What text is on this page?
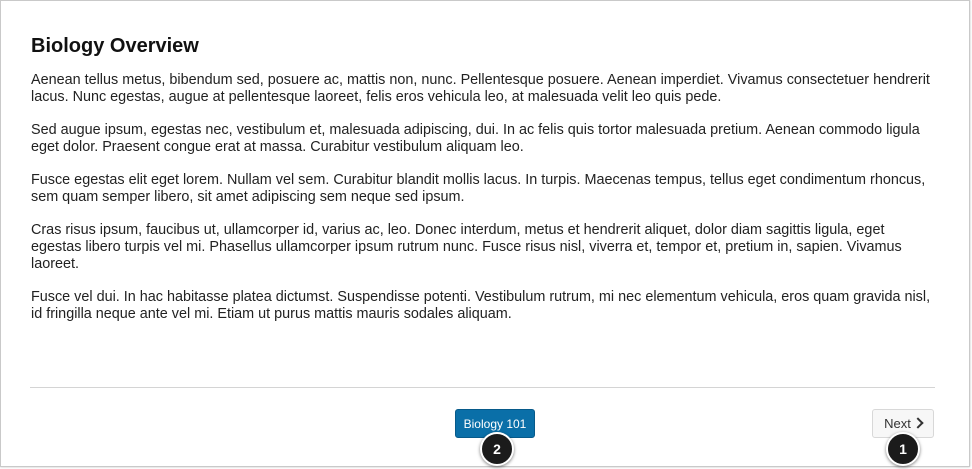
Biology Overview

Aenean tellus metus, bibendum sed, posuere ac, mattis non, nunc. Pellentesque posuere. Aenean imperdiet. Vivamus consectetuer hendrerit lacus. Nunc egestas, augue at pellentesque laoreet, felis eros vehicula leo, at malesuada velit leo quis pede.

Sed augue ipsum, egestas nec, vestibulum et, malesuada adipiscing, dui. In ac felis quis tortor malesuada pretium. Aenean commodo ligula eget dolor. Praesent congue erat at massa. Curabitur vestibulum aliquam leo.

Fusce egestas elit eget lorem. Nullam vel sem. Curabitur blandit mollis lacus. In turpis. Maecenas tempus, tellus eget condimentum rhoncus, sem quam semper libero, sit amet adipiscing sem neque sed ipsum.

Cras risus ipsum, faucibus ut, ullamcorper id, varius ac, leo. Donec interdum, metus et hendrerit aliquet, dolor diam sagittis ligula, eget egestas libero turpis vel mi. Phasellus ullamcorper ipsum rutrum nunc. Fusce risus nisl, viverra et, tempor et, pretium in, sapien. Vivamus laoreet.

Fusce vel dui. In hac habitasse platea dictumst. Suspendisse potenti. Vestibulum rutrum, mi nec elementum vehicula, eros quam gravida nisl, id fringilla neque ante vel mi. Etiam ut purus mattis mauris sodales aliquam.

Biology 101	Next
2	1
